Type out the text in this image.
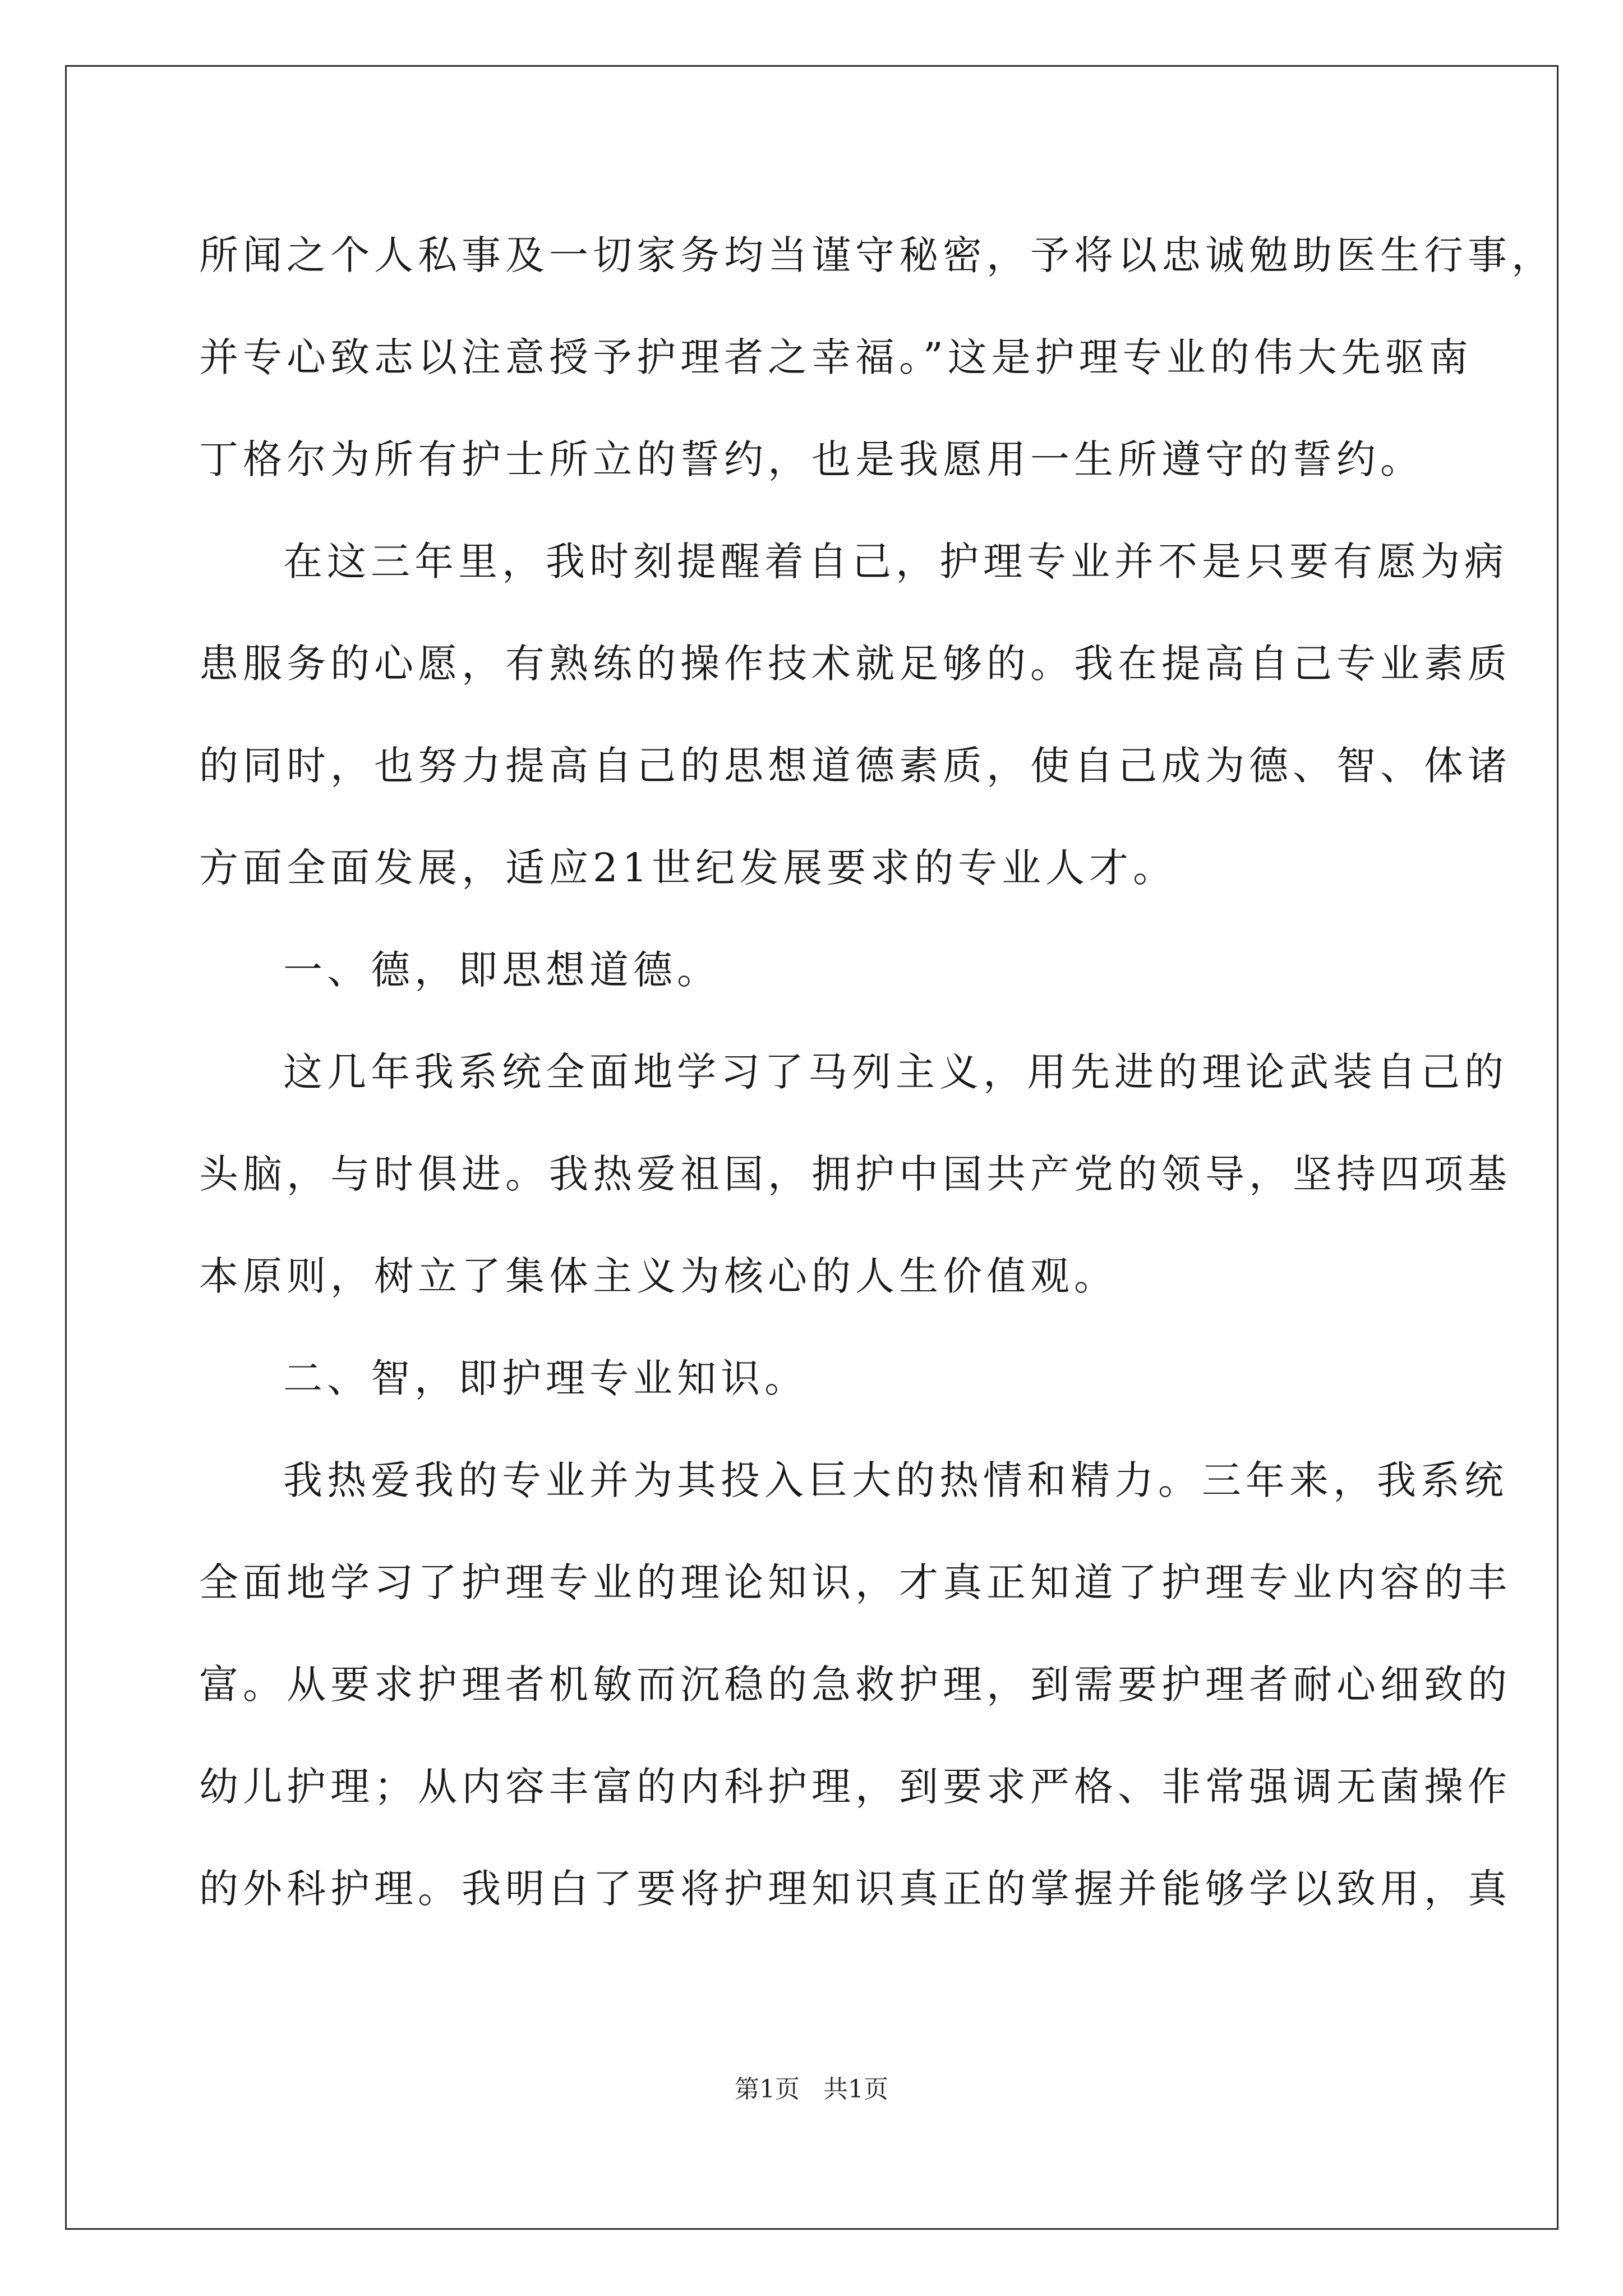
所闻之个人私事及一切家务均当谨守秘密，予将以忠诚勉助医生行事，
并专心致志以注意授予护理者之幸福。”这是护理专业的伟大先驱南
丁格尔为所有护士所立的誓约，也是我愿用一生所遵守的誓约。
在这三年里，我时刻提醒着自己，护理专业并不是只要有愿为病
患服务的心愿，有熟练的操作技术就足够的。我在提高自己专业素质
的同时，也努力提高自己的思想道德素质，使自己成为德、智、体诸
方面全面发展，适应21世纪发展要求的专业人才。
一、德，即思想道德。
这几年我系统全面地学习了马列主义，用先进的理论武装自己的
头脑，与时俱进。我热爱祖国，拥护中国共产党的领导，坚持四项基
本原则，树立了集体主义为核心的人生价值观。
二、智，即护理专业知识。
我热爱我的专业并为其投入巨大的热情和精力。三年来，我系统
全面地学习了护理专业的理论知识，才真正知道了护理专业内容的丰
富。从要求护理者机敏而沉稳的急救护理，到需要护理者耐心细致的
幼儿护理；从内容丰富的内科护理，到要求严格、非常强调无菌操作
的外科护理。我明白了要将护理知识真正的掌握并能够学以致用，真
第1页 共1页
